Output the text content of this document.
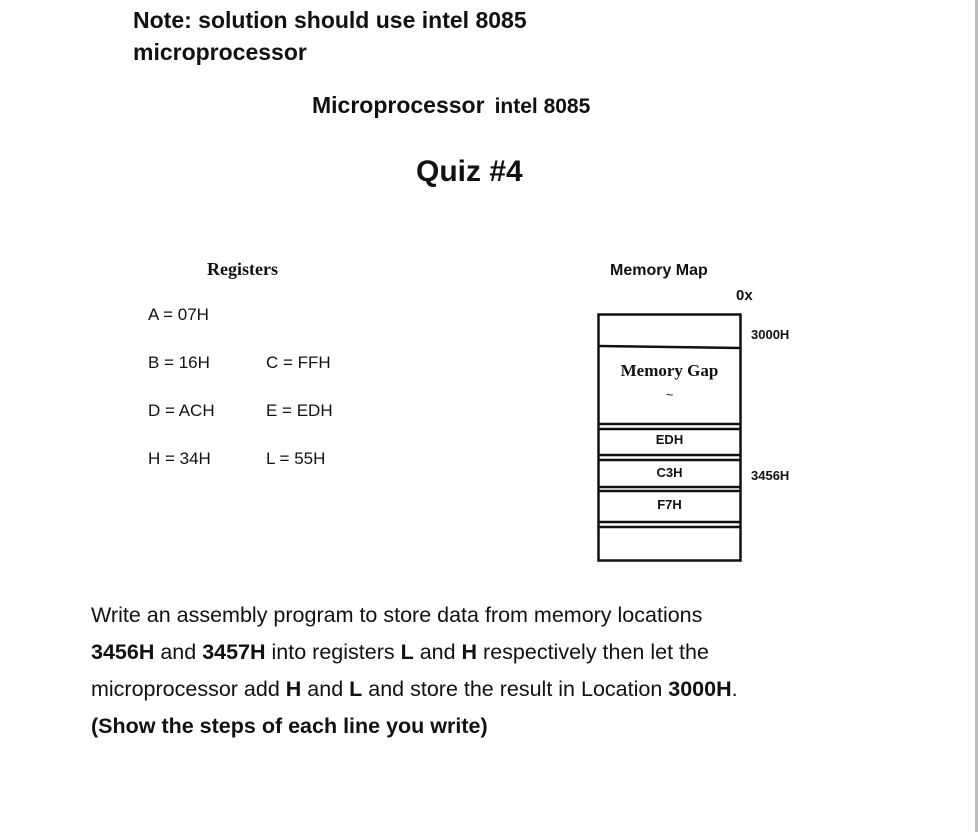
Note: solution should use intel 8085
microprocessor
Microprocessor intel 8085
Quiz #4
Registers
A = 07H
B = 16H	C = FFH
D = ACH	E = EDH
H = 34H	L = 55H
Memory Map
0x
3000H
3456H
Memory Gap
~
EDH
C3H
F7H
Write an assembly program to store data from memory locations
3456H and 3457H into registers L and H respectively then let the microprocessor add H and L and store the result in Location 3000H.
(Show the steps of each line you write)
